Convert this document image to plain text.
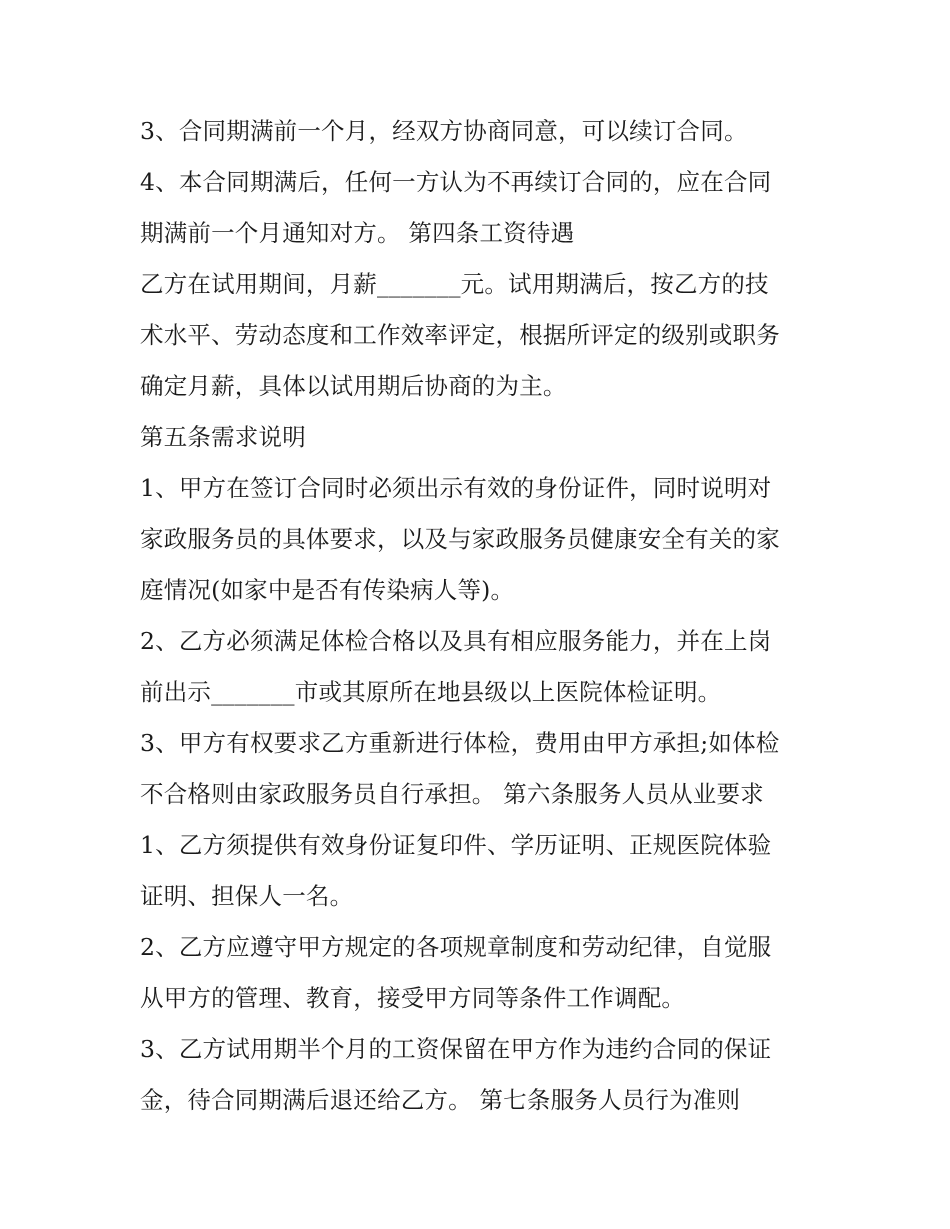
3、合同期满前一个月，经双方协商同意，可以续订合同。
4、本合同期满后，任何一方认为不再续订合同的，应在合同
期满前一个月通知对方。 第四条工资待遇
乙方在试用期间，月薪_______元。试用期满后，按乙方的技
术水平、劳动态度和工作效率评定，根据所评定的级别或职务
确定月薪，具体以试用期后协商的为主。
第五条需求说明
1、甲方在签订合同时必须出示有效的身份证件，同时说明对
家政服务员的具体要求，以及与家政服务员健康安全有关的家
庭情况(如家中是否有传染病人等)。
2、乙方必须满足体检合格以及具有相应服务能力，并在上岗
前出示_______市或其原所在地县级以上医院体检证明。
3、甲方有权要求乙方重新进行体检，费用由甲方承担;如体检
不合格则由家政服务员自行承担。 第六条服务人员从业要求
1、乙方须提供有效身份证复印件、学历证明、正规医院体验
证明、担保人一名。
2、乙方应遵守甲方规定的各项规章制度和劳动纪律，自觉服
从甲方的管理、教育，接受甲方同等条件工作调配。
3、乙方试用期半个月的工资保留在甲方作为违约合同的保证
金，待合同期满后退还给乙方。 第七条服务人员行为准则
